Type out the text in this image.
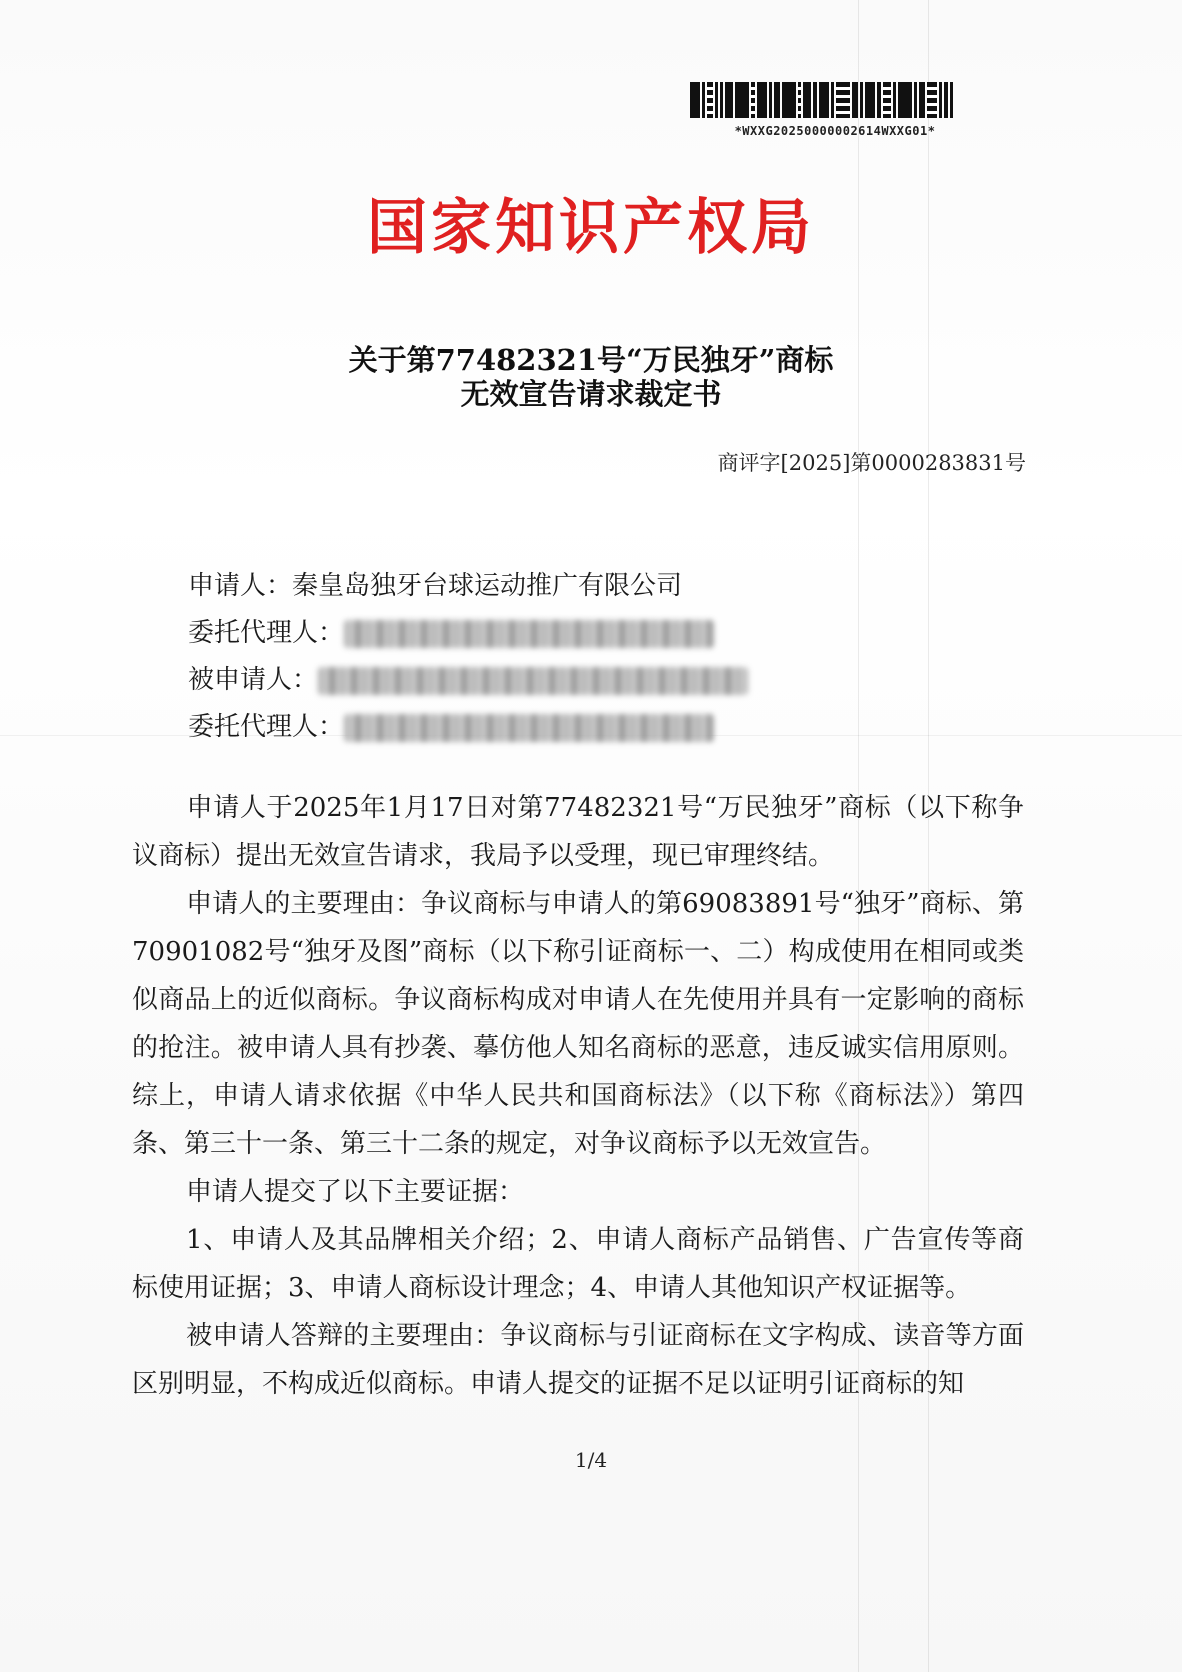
*WXXG20250000002614WXXG01*
国家知识产权局
关于第77482321号“万民独牙”商标
无效宣告请求裁定书
商评字[2025]第0000283831号
申请人：秦皇岛独牙台球运动推广有限公司
委托代理人：
被申请人：
委托代理人：
申请人于2025年1月17日对第77482321号“万民独牙”商标（以下称争议商标）提出无效宣告请求，我局予以受理，现已审理终结。
申请人的主要理由：争议商标与申请人的第69083891号“独牙”商标、第70901082号“独牙及图”商标（以下称引证商标一、二）构成使用在相同或类似商品上的近似商标。争议商标构成对申请人在先使用并具有一定影响的商标的抢注。被申请人具有抄袭、摹仿他人知名商标的恶意，违反诚实信用原则。综上，申请人请求依据《中华人民共和国商标法》（以下称《商标法》）第四条、第三十一条、第三十二条的规定，对争议商标予以无效宣告。
申请人提交了以下主要证据：
1、申请人及其品牌相关介绍；2、申请人商标产品销售、广告宣传等商标使用证据；3、申请人商标设计理念；4、申请人其他知识产权证据等。
被申请人答辩的主要理由：争议商标与引证商标在文字构成、读音等方面区别明显，不构成近似商标。申请人提交的证据不足以证明引证商标的知
1/4
